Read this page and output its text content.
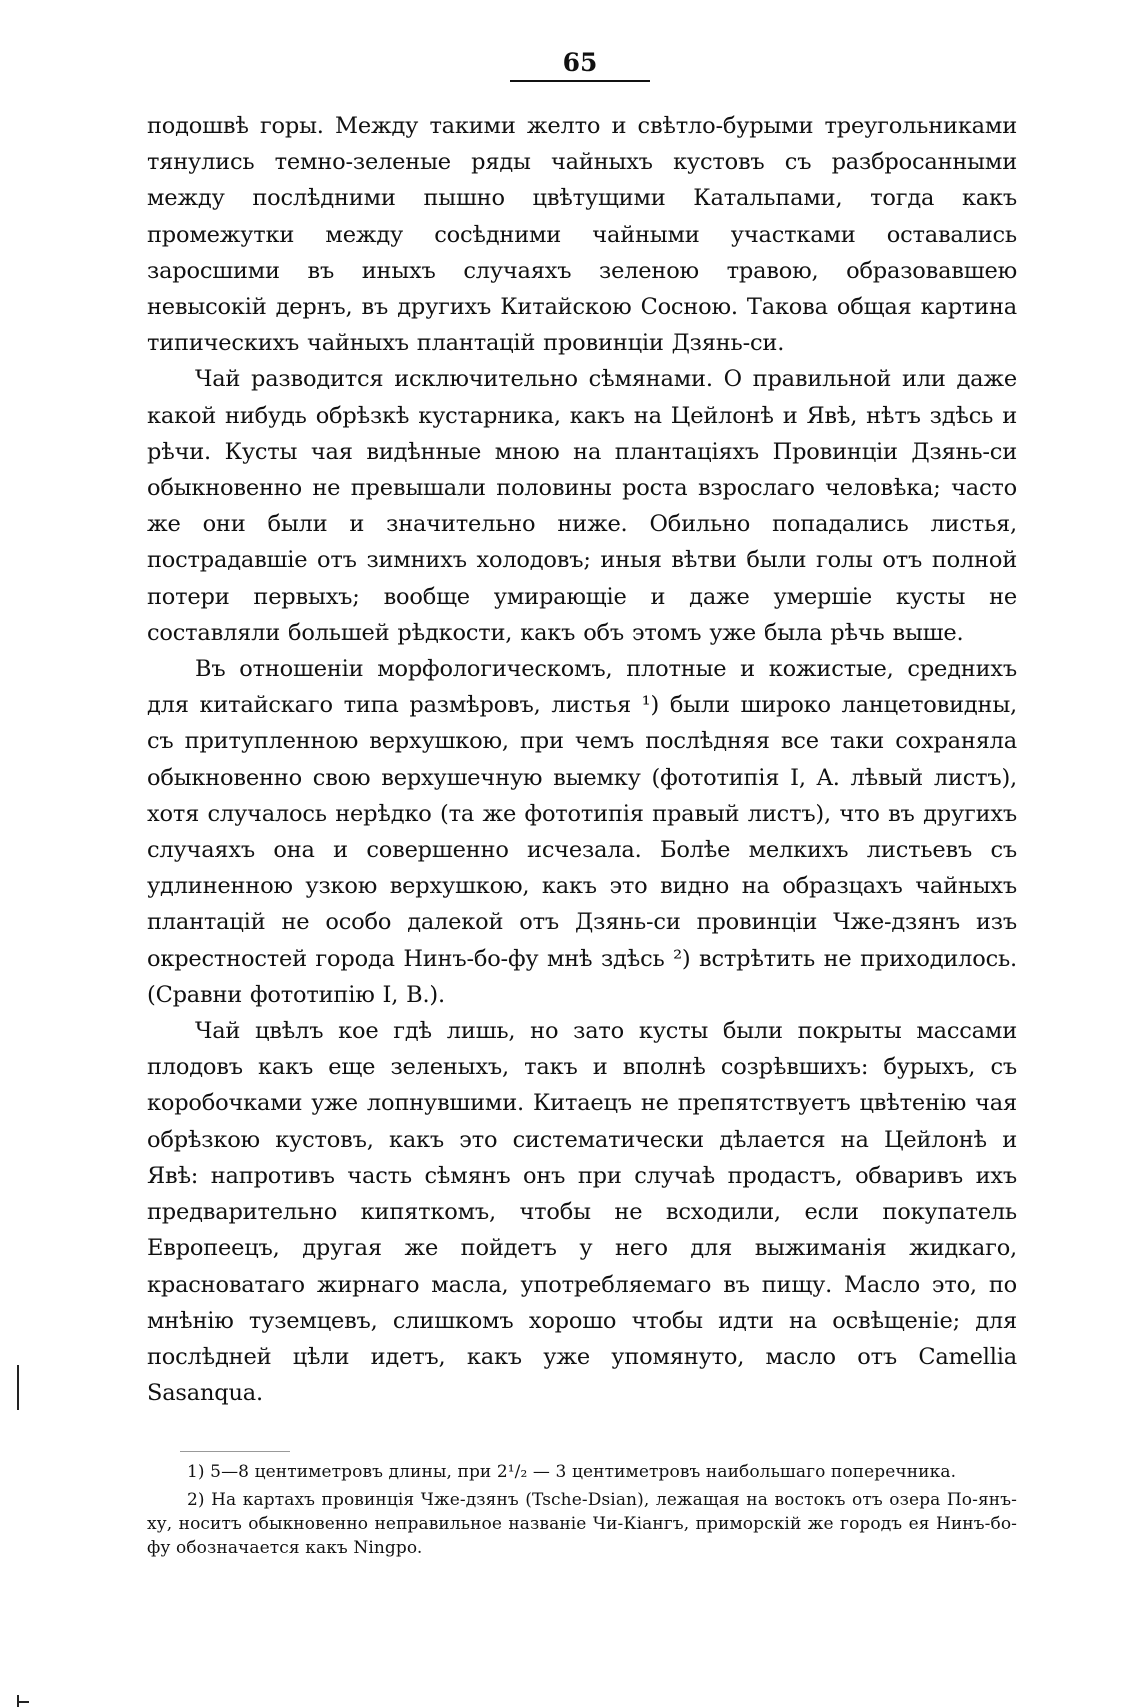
65

подошвѣ горы. Между такими желто и свѣтло-бурыми треугольниками тянулись темно-зеленые ряды чайныхъ кустовъ съ разбросанными между послѣдними пышно цвѣтущими Катальпами, тогда какъ промежутки между сосѣдними чайными участками оставались заросшими въ иныхъ случаяхъ зеленою травою, образовавшею невысокій дернъ, въ другихъ Китайскою Сосною. Такова общая картина типическихъ чайныхъ плантацій провинціи Дзянь-си.

Чай разводится исключительно сѣмянами. О правильной или даже какой нибудь обрѣзкѣ кустарника, какъ на Цейлонѣ и Явѣ, нѣтъ здѣсь и рѣчи. Кусты чая видѣнные мною на плантаціяхъ Провинціи Дзянь-си обыкновенно не превышали половины роста взрослаго человѣка; часто же они были и значительно ниже. Обильно попадались листья, пострадавшіе отъ зимнихъ холодовъ; иныя вѣтви были голы отъ полной потери первыхъ; вообще умирающіе и даже умершіе кусты не составляли большей рѣдкости, какъ объ этомъ уже была рѣчь выше.

Въ отношеніи морфологическомъ, плотные и кожистые, среднихъ для китайскаго типа размѣровъ, листья ¹) были широко ланцетовидны, съ притупленною верхушкою, при чемъ послѣдняя все таки сохраняла обыкновенно свою верхушечную выемку (фототипія I, A. лѣвый листъ), хотя случалось нерѣдко (та же фототипія правый листъ), что въ другихъ случаяхъ она и совершенно исчезала. Болѣе мелкихъ листьевъ съ удлиненною узкою верхушкою, какъ это видно на образцахъ чайныхъ плантацій не особо далекой отъ Дзянь-си провинціи Чже-дзянъ изъ окрестностей города Нинъ-бо-фу мнѣ здѣсь ²) встрѣтить не приходилось. (Сравни фототипію I, B.).

Чай цвѣлъ кое гдѣ лишь, но зато кусты были покрыты массами плодовъ какъ еще зеленыхъ, такъ и вполнѣ созрѣвшихъ: бурыхъ, съ коробочками уже лопнувшими. Китаецъ не препятствуетъ цвѣтенію чая обрѣзкою кустовъ, какъ это систематически дѣлается на Цейлонѣ и Явѣ: напротивъ часть сѣмянъ онъ при случаѣ продастъ, обваривъ ихъ предварительно кипяткомъ, чтобы не всходили, если покупатель Европеецъ, другая же пойдетъ у него для выжиманія жидкаго, красноватаго жирнаго масла, употребляемаго въ пищу. Масло это, по мнѣнію туземцевъ, слишкомъ хорошо чтобы идти на освѣщеніе; для послѣдней цѣли идетъ, какъ уже упомянуто, масло отъ Camellia Sasanqua.

1) 5—8 центиметровъ длины, при 2¹/₂ — 3 центиметровъ наибольшаго поперечника.

2) На картахъ провинція Чже-дзянъ (Tsche-Dsian), лежащая на востокъ отъ озера По-янъ-ху, носитъ обыкновенно неправильное названіе Чи-Кіангъ, приморскій же городъ ея Нинъ-бо-фу обозначается какъ Ningpo.
